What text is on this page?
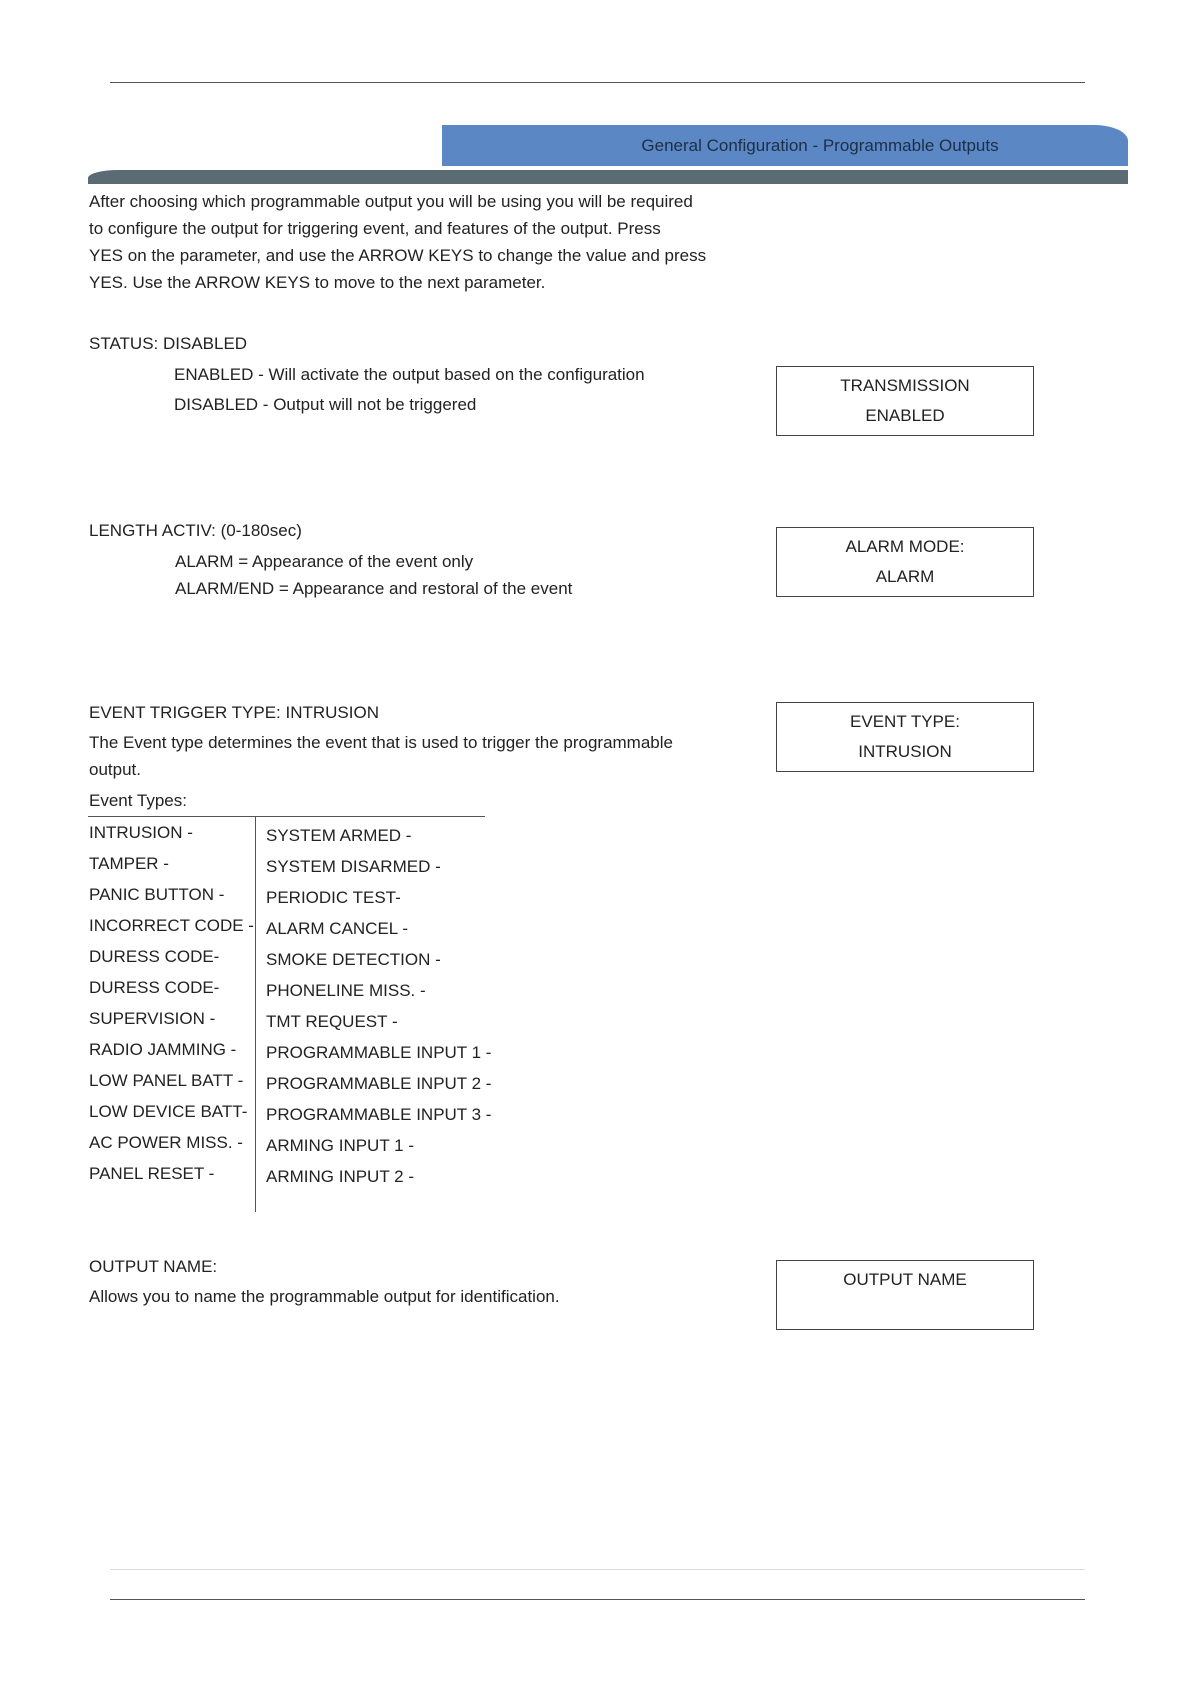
General Configuration - Programmable Outputs
After choosing which programmable output you will be using you will be required
to configure the output for triggering event, and features of the output. Press
YES on the parameter, and use the ARROW KEYS to change the value and press
YES. Use the ARROW KEYS to move to the next parameter.
STATUS: DISABLED
ENABLED - Will activate the output based on the configuration
DISABLED - Output will not be triggered
TRANSMISSION
ENABLED
LENGTH ACTIV: (0-180sec)
ALARM = Appearance of the event only
ALARM/END = Appearance and restoral of the event
ALARM MODE:
ALARM
EVENT TRIGGER TYPE: INTRUSION
The Event type determines the event that is used to trigger the programmable
output.
Event Types:
EVENT TYPE:
INTRUSION
INTRUSION -
TAMPER -
PANIC BUTTON -
INCORRECT CODE -
DURESS CODE-
DURESS CODE-
SUPERVISION -
RADIO JAMMING -
LOW PANEL BATT -
LOW DEVICE BATT-
AC POWER MISS. -
PANEL RESET -
SYSTEM ARMED -
SYSTEM DISARMED -
PERIODIC TEST-
ALARM CANCEL -
SMOKE DETECTION -
PHONELINE MISS. -
TMT REQUEST -
PROGRAMMABLE INPUT 1 -
PROGRAMMABLE INPUT 2 -
PROGRAMMABLE INPUT 3 -
ARMING INPUT 1 -
ARMING INPUT 2 -
OUTPUT NAME:
Allows you to name the programmable output for identification.
OUTPUT NAME
